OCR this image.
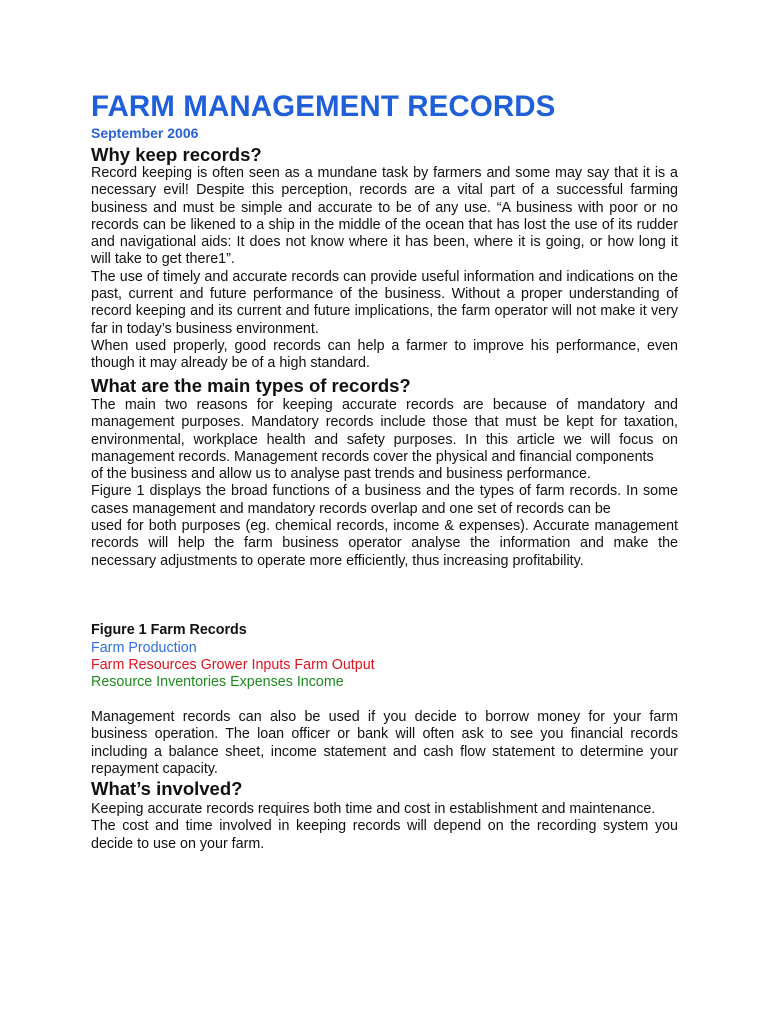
FARM MANAGEMENT RECORDS
September 2006
Why keep records?

Record keeping is often seen as a mundane task by farmers and some may say that it is a necessary evil! Despite this perception, records are a vital part of a successful farming business and must be simple and accurate to be of any use. “A business with poor or no records can be likened to a ship in the middle of the ocean that has lost the use of its rudder and navigational aids: It does not know where it has been, where it is going, or how long it will take to get there1”.

The use of timely and accurate records can provide useful information and indications on the past, current and future performance of the business. Without a proper understanding of record keeping and its current and future implications, the farm operator will not make it very far in today’s business environment.

When used properly, good records can help a farmer to improve his performance, even though it may already be of a high standard.

What are the main types of records?

The main two reasons for keeping accurate records are because of mandatory and management purposes. Mandatory records include those that must be kept for taxation, environmental, workplace health and safety purposes. In this article we will focus on management records. Management records cover the physical and financial components

of the business and allow us to analyse past trends and business performance.

Figure 1 displays the broad functions of a business and the types of farm records. In some cases management and mandatory records overlap and one set of records can be

used for both purposes (eg. chemical records, income & expenses). Accurate management records will help the farm business operator analyse the information and make the necessary adjustments to operate more efficiently, thus increasing profitability.

Figure 1 Farm Records
Farm Production
Farm Resources Grower Inputs Farm Output
Resource Inventories Expenses Income

Management records can also be used if you decide to borrow money for your farm business operation. The loan officer or bank will often ask to see you financial records including a balance sheet, income statement and cash flow statement to determine your repayment capacity.

What’s involved?

Keeping accurate records requires both time and cost in establishment and maintenance.

The cost and time involved in keeping records will depend on the recording system you decide to use on your farm.
